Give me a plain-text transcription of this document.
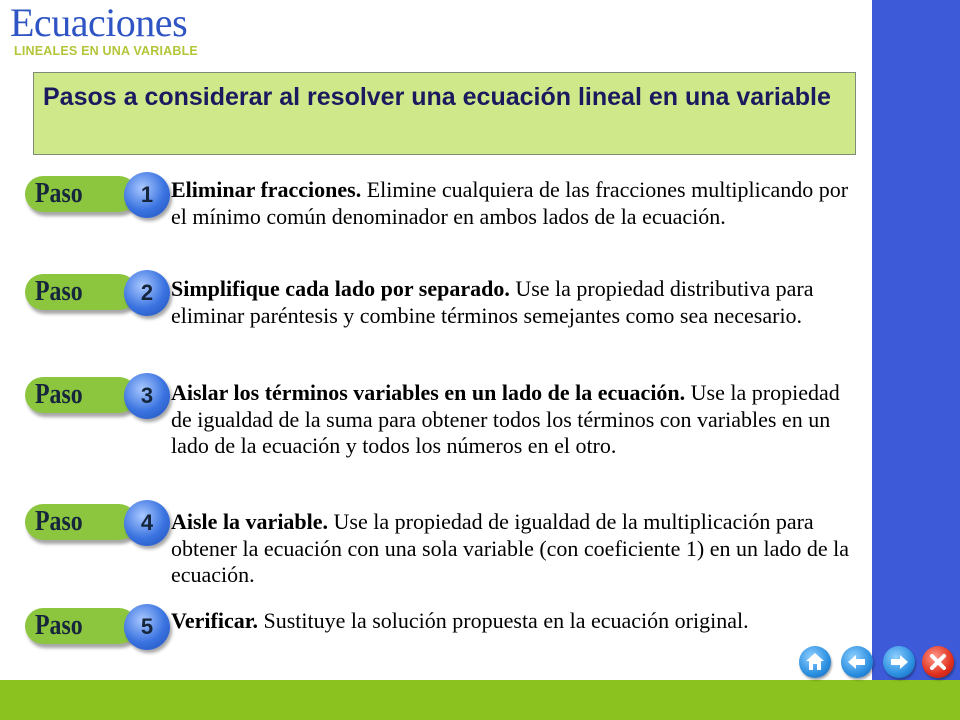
Ecuaciones
LINEALES EN UNA VARIABLE
Pasos a considerar al resolver una ecuación lineal en una variable
Paso	1 Eliminar fracciones. Elimine cualquiera de las fracciones multiplicando por el mínimo común denominador en ambos lados de la ecuación.

Paso	2 Simplifique cada lado por separado. Use la propiedad distributiva para eliminar paréntesis y combine términos semejantes como sea necesario.

Paso	3 Aislar los términos variables en un lado de la ecuación. Use la propiedad de igualdad de la suma para obtener todos los términos con variables en un lado de la ecuación y todos los números en el otro.

Paso	4 Aisle la variable. Use la propiedad de igualdad de la multiplicación para obtener la ecuación con una sola variable (con coeficiente 1) en un lado de la ecuación.

Paso	5 Verificar. Sustituye la solución propuesta en la ecuación original.
